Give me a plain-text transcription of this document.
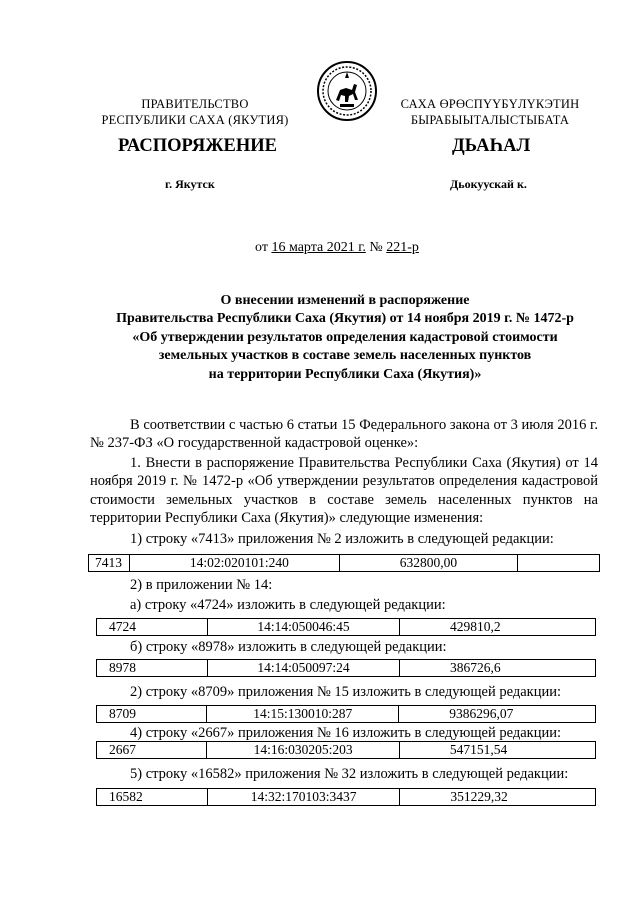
ПРАВИТЕЛЬСТВО
РЕСПУБЛИКИ САХА (ЯКУТИЯ)
САХА ӨРӨСПҮҮБҮЛҮКЭТИН
БЫРАБЫЫТАЛЫСТЫБАТА
РАСПОРЯЖЕНИЕ	ДЬАҺАЛ
г. Якутск	Дьокуускай к.
от 16 марта 2021 г. № 221-р
О внесении изменений в распоряжение
Правительства Республики Саха (Якутия) от 14 ноября 2019 г. № 1472-р
«Об утверждении результатов определения кадастровой стоимости
земельных участков в составе земель населенных пунктов
на территории Республики Саха (Якутия)»
В соответствии с частью 6 статьи 15 Федерального закона от 3 июля 2016 г. № 237-ФЗ «О государственной кадастровой оценке»:
1. Внести в распоряжение Правительства Республики Саха (Якутия) от 14 ноября 2019 г. № 1472-р «Об утверждении результатов определения кадастровой стоимости земельных участков в составе земель населенных пунктов на территории Республики Саха (Якутия)» следующие изменения:
1) строку «7413» приложения № 2 изложить в следующей редакции:
7413	14:02:020101:240	632800,00	
2) в приложении № 14:
а) строку «4724» изложить в следующей редакции:
4724	14:14:050046:45	429810,2
б) строку «8978» изложить в следующей редакции:
8978	14:14:050097:24	386726,6
2) строку «8709» приложения № 15 изложить в следующей редакции:
8709	14:15:130010:287	9386296,07
4) строку «2667» приложения № 16 изложить в следующей редакции:
2667	14:16:030205:203	547151,54
5) строку «16582» приложения № 32 изложить в следующей редакции:
16582	14:32:170103:3437	351229,32
